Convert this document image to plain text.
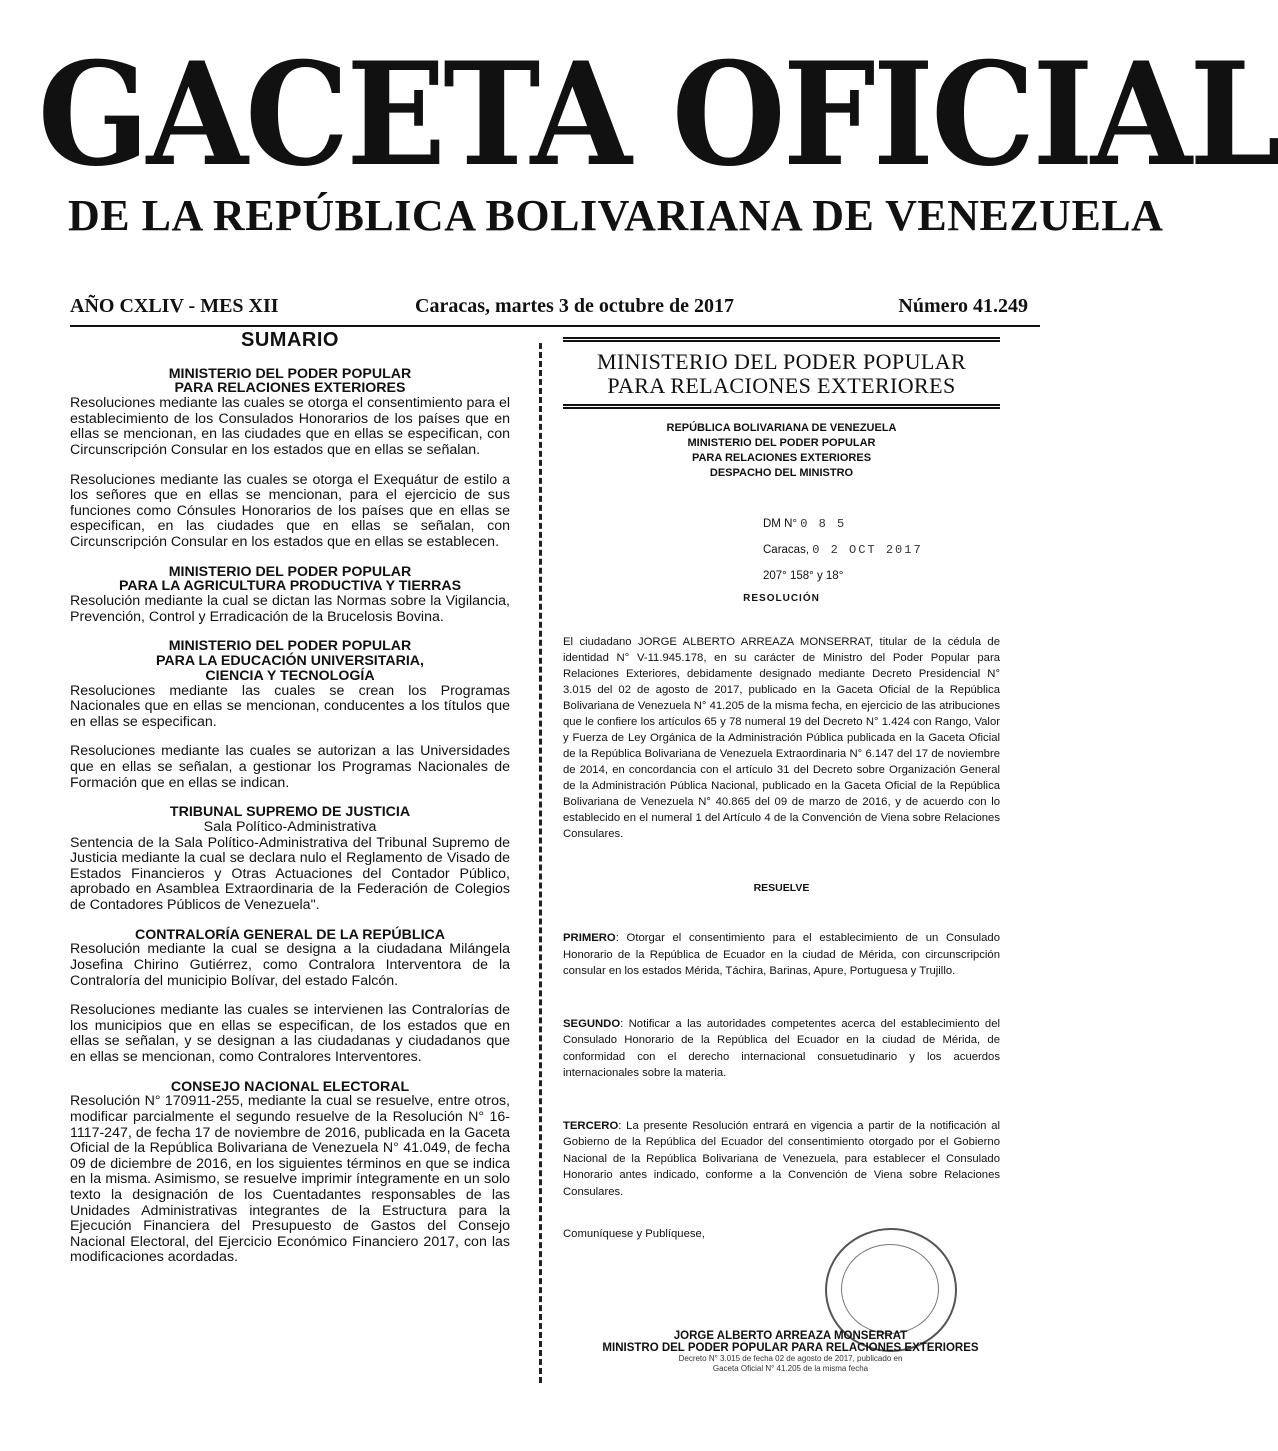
GACETA OFICIAL
DE LA REPÚBLICA BOLIVARIANA DE VENEZUELA
AÑO CXLIV - MES XII	Caracas, martes 3 de octubre de 2017	Número 41.249
SUMARIO
MINISTERIO DEL PODER POPULAR
PARA RELACIONES EXTERIORES
Resoluciones mediante las cuales se otorga el consentimiento para el establecimiento de los Consulados Honorarios de los países que en ellas se mencionan, en las ciudades que en ellas se especifican, con Circunscripción Consular en los estados que en ellas se señalan.
Resoluciones mediante las cuales se otorga el Exequátur de estilo a los señores que en ellas se mencionan, para el ejercicio de sus funciones como Cónsules Honorarios de los países que en ellas se especifican, en las ciudades que en ellas se señalan, con Circunscripción Consular en los estados que en ellas se establecen.
MINISTERIO DEL PODER POPULAR
PARA LA AGRICULTURA PRODUCTIVA Y TIERRAS
Resolución mediante la cual se dictan las Normas sobre la Vigilancia, Prevención, Control y Erradicación de la Brucelosis Bovina.
MINISTERIO DEL PODER POPULAR
PARA LA EDUCACIÓN UNIVERSITARIA,
CIENCIA Y TECNOLOGÍA
Resoluciones mediante las cuales se crean los Programas Nacionales que en ellas se mencionan, conducentes a los títulos que en ellas se especifican.
Resoluciones mediante las cuales se autorizan a las Universidades que en ellas se señalan, a gestionar los Programas Nacionales de Formación que en ellas se indican.
TRIBUNAL SUPREMO DE JUSTICIA
Sala Político-Administrativa
Sentencia de la Sala Político-Administrativa del Tribunal Supremo de Justicia mediante la cual se declara nulo el Reglamento de Visado de Estados Financieros y Otras Actuaciones del Contador Público, aprobado en Asamblea Extraordinaria de la Federación de Colegios de Contadores Públicos de Venezuela".
CONTRALORÍA GENERAL DE LA REPÚBLICA
Resolución mediante la cual se designa a la ciudadana Milángela Josefina Chirino Gutiérrez, como Contralora Interventora de la Contraloría del municipio Bolívar, del estado Falcón.
Resoluciones mediante las cuales se intervienen las Contralorías de los municipios que en ellas se especifican, de los estados que en ellas se señalan, y se designan a las ciudadanas y ciudadanos que en ellas se mencionan, como Contralores Interventores.
CONSEJO NACIONAL ELECTORAL
Resolución N° 170911-255, mediante la cual se resuelve, entre otros, modificar parcialmente el segundo resuelve de la Resolución N° 16-1117-247, de fecha 17 de noviembre de 2016, publicada en la Gaceta Oficial de la República Bolivariana de Venezuela N° 41.049, de fecha 09 de diciembre de 2016, en los siguientes términos en que se indica en la misma. Asimismo, se resuelve imprimir íntegramente en un solo texto la designación de los Cuentadantes responsables de las Unidades Administrativas integrantes de la Estructura para la Ejecución Financiera del Presupuesto de Gastos del Consejo Nacional Electoral, del Ejercicio Económico Financiero 2017, con las modificaciones acordadas.
MINISTERIO DEL PODER POPULAR
PARA RELACIONES EXTERIORES
REPÚBLICA BOLIVARIANA DE VENEZUELA
MINISTERIO DEL PODER POPULAR
PARA RELACIONES EXTERIORES
DESPACHO DEL MINISTRO
DM N° 0 8 5
Caracas, 0 2 OCT 2017
207° 158° y 18°
RESOLUCIÓN
El ciudadano JORGE ALBERTO ARREAZA MONSERRAT, titular de la cédula de identidad N° V-11.945.178, en su carácter de Ministro del Poder Popular para Relaciones Exteriores, debidamente designado mediante Decreto Presidencial N° 3.015 del 02 de agosto de 2017, publicado en la Gaceta Oficial de la República Bolivariana de Venezuela N° 41.205 de la misma fecha, en ejercicio de las atribuciones que le confiere los artículos 65 y 78 numeral 19 del Decreto N° 1.424 con Rango, Valor y Fuerza de Ley Orgánica de la Administración Pública publicada en la Gaceta Oficial de la República Bolivariana de Venezuela Extraordinaria N° 6.147 del 17 de noviembre de 2014, en concordancia con el artículo 31 del Decreto sobre Organización General de la Administración Pública Nacional, publicado en la Gaceta Oficial de la República Bolivariana de Venezuela N° 40.865 del 09 de marzo de 2016, y de acuerdo con lo establecido en el numeral 1 del Artículo 4 de la Convención de Viena sobre Relaciones Consulares.
RESUELVE
PRIMERO: Otorgar el consentimiento para el establecimiento de un Consulado Honorario de la República de Ecuador en la ciudad de Mérida, con circunscripción consular en los estados Mérida, Táchira, Barinas, Apure, Portuguesa y Trujillo.
SEGUNDO: Notificar a las autoridades competentes acerca del establecimiento del Consulado Honorario de la República del Ecuador en la ciudad de Mérida, de conformidad con el derecho internacional consuetudinario y los acuerdos internacionales sobre la materia.
TERCERO: La presente Resolución entrará en vigencia a partir de la notificación al Gobierno de la República del Ecuador del consentimiento otorgado por el Gobierno Nacional de la República Bolivariana de Venezuela, para establecer el Consulado Honorario antes indicado, conforme a la Convención de Viena sobre Relaciones Consulares.
Comuníquese y Publíquese,
JORGE ALBERTO ARREAZA MONSERRAT
MINISTRO DEL PODER POPULAR PARA RELACIONES EXTERIORES
Decreto N° 3.015 de fecha 02 de agosto de 2017, publicado en
Gaceta Oficial N° 41.205 de la misma fecha
